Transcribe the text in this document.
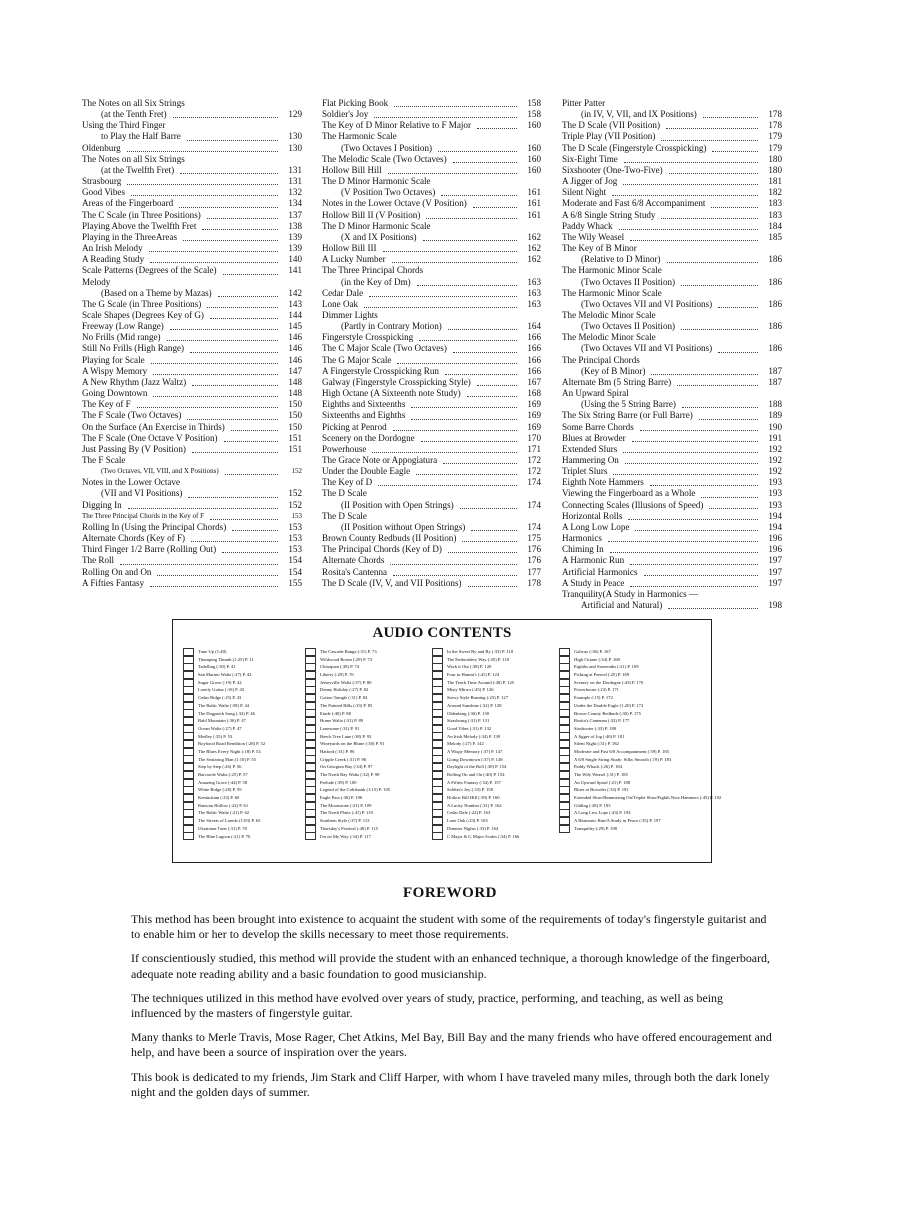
The Notes on all Six Strings
(at the Tenth Fret)	129
Using the Third Finger
to Play the Half Barre	130
Oldenburg	130
The Notes on all Six Strings
(at the Twelfth Fret)	131
Strasbourg	131
Good Vibes	132
Areas of the Fingerboard	134
The C Scale (in Three Positions)	137
Playing Above the Twelfth Fret	138
Playing in the ThreeAreas	139
An Irish Melody	139
A Reading Study	140
Scale Patterns (Degrees of the Scale)	141
Melody
(Based on a Theme by Mazas)	142
The G Scale (in Three Positions)	143
Scale Shapes (Degrees Key of G)	144
Freeway (Low Range)	145
No Frills (Mid range)	146
Still No Frills (High Range)	146
Playing for Scale	146
A Wispy Memory	147
A New Rhythm (Jazz Waltz)	148
Going Downtown	148
The Key of F	150
The F Scale (Two Octaves)	150
On the Surface (An Exercise in Thirds)	150
The F Scale (One Octave V Position)	151
Just Passing By (V Position)	151
The F Scale
(Two Octaves, VII, VIII, and X Positions)	152
Notes in the Lower Octave
(VII and VI Positions)	152
Digging In	152
The Three Principal Chords in the Key of F	153
Rolling In (Using the Principal Chords)	153
Alternate Chords (Key of F)	153
Third Finger 1/2 Barre (Rolling Out)	153
The Roll	154
Rolling On and On	154
A Fifties Fantasy	155
Flat Picking Book	158
Soldier's Joy	158
The Key of D Minor Relative to F Major	160
The Harmonic Scale
(Two Octaves I Position)	160
The Melodic Scale (Two Octaves)	160
Hollow Bill Hill	160
The D Minor Harmonic Scale
(V Position Two Octaves)	161
Notes in the Lower Octave (V Position)	161
Hollow Bill II (V Position)	161
The D Minor Harmonic Scale
(X and IX Positions)	162
Hollow Bill III	162
A Lucky Number	162
The Three Principal Chords
(in the Key of Dm)	163
Cedar Dale	163
Lone Oak	163
Dimmer Lights
(Partly in Contrary Motion)	164
Fingerstyle Crosspicking	166
The C Major Scale (Two Octaves)	166
The G Major Scale	166
A Fingerstyle Crosspicking Run	166
Galway (Fingerstyle Crosspicking Style)	167
High Octane (A Sixteenth note Study)	168
Eighths and Sixteenths	169
Sixteenths and Eighths	169
Picking at Penrod	169
Scenery on the Dordogne	170
Powerhouse	171
The Grace Note or Appogiatura	172
Under the Double Eagle	172
The Key of D	174
The D Scale
(II Position with Open Strings)	174
The D Scale
(II Position without Open Strings)	174
Brown County Redbuds (II Position)	175
The Principal Chords (Key of D)	176
Alternate Chords	176
Rosita's Cantenna	177
The D Scale (IV, V, and VII Positions)	178
Pitter Patter
(in IV, V, VII, and IX Positions)	178
The D Scale (VII Position)	178
Triple Play (VII Position)	179
The D Scale (Fingerstyle Crosspicking)	179
Six-Eight Time	180
Sixshooter (One-Two-Five)	180
A Jigger of Jog	181
Silent Night	182
Moderate and Fast 6/8 Accompaniment	183
A 6/8 Single String Study	183
Paddy Whack	184
The Wily Weasel	185
The Key of B Minor
(Relative to D Minor)	186
The Harmonic Minor Scale
(Two Octaves II Position)	186
The Harmonic Minor Scale
(Two Octaves VII and VI Positions)	186
The Melodic Minor Scale
(Two Octaves II Position)	186
The Melodic Minor Scale
(Two Octaves VII and VI Positions)	186
The Principal Chords
(Key of B Minor)	187
Alternate Bm (5 String Barre)	187
An Upward Spiral
(Using the 5 String Barre)	188
The Six String Barre (or Full Barre)	189
Some Barre Chords	190
Blues at Browder	191
Extended Slurs	192
Hammering On	192
Triplet Slurs	192
Eighth Note Hammers	193
Viewing the Fingerboard as a Whole	193
Connecting Scales (Illusions of Speed)	193
Horizontal Rolls	194
A Long Low Lope	194
Harmonics	196
Chiming In	196
A Harmonic Run	197
Artificial Harmonics	197
A Study in Peace	197
Tranquility(A Study in Harmonics —
Artificial and Natural)	198
AUDIO CONTENTS
Tune Up (1:40)
Thumping Thumb (1:25) P. 11
Tadelling (:30) P. 41
San Marino Waltz (:27) P. 42
Sugar Grove (:19) P. 42
Lonely Guitar (:16) P. 43
Cedar Ridge (:15) P. 43
The Baltic Waltz (:58) P. 44
The Dogpatch Song (:32) P. 46
Bald Mountain (:36) P. 47
Ocean Waltz (:27) P. 47
Medley (:35) P. 53
Boyhood Road Rendition (:28) P. 52
The Blues Every Night (:18) P. 54
The Seafaring Man (1:10) P. 55
Step by Step (:26) P. 56
Barcarole Waltz (:25) P. 57
Amazing Grace (:44) P. 58
White Ridge (:28) P. 59
Kentuckian (:23) P. 60
Ransom Hollow (:22) P. 61
The Baltic Waltz (:21) P. 62
The Streets of Laredo (1:03) P. 65
Ukrainian Tune (:31) P. 70
The Blue Lagoon (:21) P. 70
The Cascade Range (:31) P. 73
Wildwood Rosen (:29) P. 73
Chitaquan (:39) P. 74
Liberty (:29) P. 76
Jerseyville Waltz (:37) P. 80
Denny Holiday (:27) P. 82
Cotton Tamgle (:31) P. 84
The Painted Hills (:33) P. 85
Etude (:40) P. 88
Home Waltz (:31) P. 89
Lonesome (:31) P. 91
Beech Tree Lane (:38) P. 93
Wineyards on the Rhine (:30) P. 91
Hatford (:31) P. 96
Cripple Creek (:31) P. 96
On Georgian Bay (:34) P. 97
The North Bay Waltz (:32) P. 98
Prelude (:39) P. 100
Legend of the Coltsbank (1:15) P. 105
Eagle Pass (:36) P. 106
The Moonstone (:31) P. 109
The North Platte (:41) P. 110
Southern Style (:37) P. 113
Thursday's Festival (:40) P. 115
I'm on My Way (:34) P. 117
In the Sweet By and By (:33) P. 118
The Embroidery Way (:45) P. 118
Work it Out (:38) P. 120
Four in Hamm's (:41) P. 124
The Teach Time Around (:40) P. 125
Misty Mirror (:45) P. 126
Stowy Style Burning (:23) P. 127
Around Sunshine (:32) P. 128
Oldenburg (:36) P. 130
Strasbourg (:31) P. 131
Good Vibes (:31) P. 132
An Irish Melody (:34) P. 139
Melody (:27) P. 142
A Wispy Memory (:37) P. 147
Going Downtown (:37) P. 148
Daylight of the Roll (:30) P. 154
Rolling On and On (:40) P. 154
A Fifties Fantasy (:34) P. 157
Soldier's Joy (:33) P. 158
Hollow Bill Hill (:39) P. 160
A Lucky Number (:31) P. 162
Cedar Dale (:22) P. 163
Lone Oak (:23) P. 163
Dimmer Nights (:33) P. 164
C Major & G Major Scales (:34) P. 166
Galway (:36) P. 167
High Octane (:34) P. 168
Eighths and Sixteenths (:21) P. 169
Picking at Penrod (:25) P. 169
Scenery on the Dordogne (:43) P. 170
Powerhouse (:23) P. 171
Example (:15) P. 172
Under the Double Eagle (1:20) P. 172
Brown County Redbuds (:30) P. 175
Rosita's Cantenna (:32) P. 177
Sixshooter (:33) P. 180
A Jigger of Jog (:40) P. 181
Silent Night (:31) P. 182
Moderate and Fast 6/8 Accompaniment (:39) P. 183
A 6/8 Single String Study: Silky Smooth (:19) P. 183
Paddy Whack (:26) P. 184
The Wily Weasel (:31) P. 185
An Upward Spiral (:21) P. 188
Blues at Browder (:33) P. 191
Extended Slurs/Hammering On/Triplet Slurs/Eighth Note Hammers (:45) P. 192
Gliding (:28) P. 193
A Long Low Lope (:43) P. 194
A Harmonic Run/A Study in Peace (:35) P. 197
Tranquility (:29) P. 198
FOREWORD

This method has been brought into existence to acquaint the student with some of the requirements of today's fingerstyle guitarist and to enable him or her to develop the skills necessary to meet those requirements.

If conscientiously studied, this method will provide the student with an enhanced technique, a thorough knowledge of the fingerboard, adequate note reading ability and a basic foundation to good musicianship.

The techniques utilized in this method have evolved over years of study, practice, performing, and teaching, as well as being influenced by the masters of fingerstyle guitar.

Many thanks to Merle Travis, Mose Rager, Chet Atkins, Mel Bay, Bill Bay and the many friends who have offered encouragement and help, and have been a source of inspiration over the years.

This book is dedicated to my friends, Jim Stark and Cliff Harper, with whom I have traveled many miles, through both the dark lonely night and the golden days of summer.
